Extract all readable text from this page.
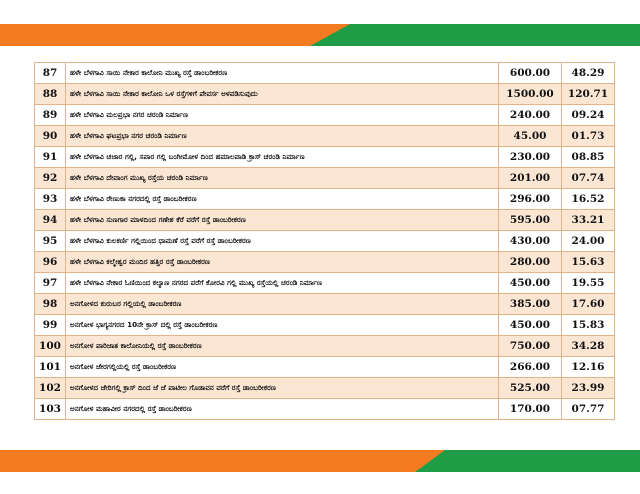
87	ಹಳೇ ಬೆಳಗಾವಿ ಸಾಯಿ ನೇಕಾರ ಕಾಲೋನಿ ಮುಖ್ಯ ರಸ್ತೆ ಡಾಂಬರೀಕರಣ	600.00	48.29
88	ಹಳೇ ಬೆಳಗಾವಿ ಸಾಯಿ ನೇಕಾರ ಕಾಲೋನಿ ಒಳ ರಸ್ತೆಗಳಿಗೆ ಪೇವರ್ಸ ಅಳವಡಿಸುವುದು	1500.00	120.71
89	ಹಳೇ ಬೆಳಗಾವಿ ಮಲಪ್ರಭಾ ನಗರ ಚರಂಡಿ ನಿರ್ಮಾಣ	240.00	09.24
90	ಹಳೇ ಬೆಳಗಾವಿ ಘಟಪ್ರಭಾ ನಗರ ಚರಂಡಿ ನಿರ್ಮಾಣ	45.00	01.73
91	ಹಳೇ ಬೆಳಗಾವಿ ಚಜಾರ ಗಲ್ಲಿ, ಸಪಾರ ಗಲ್ಲಿ ಬಂಗೀಮೋಳ ದಿಂದ ಹಮಾಲವಾಡಿ ಕ್ರಾಸ್ ಚರಂಡಿ ನಿರ್ಮಾಣ	230.00	08.85
92	ಹಳೇ ಬೆಳಗಾವಿ ದೇವಾಂಗ ಮುಖ್ಯ ರಸ್ತೆಯ ಚರಂಡಿ ನಿರ್ಮಾಣ	201.00	07.74
93	ಹಳೇ ಬೆಳಗಾವಿ ರೇಣುಕಾ ನಗರದಲ್ಲಿ ರಸ್ತೆ ಡಾಂಬರೀಕರಣ	296.00	16.52
94	ಹಳೇ ಬೆಳಗಾವಿ ಸುಣಗಾರ ಮಾಳದಿಂದ ಗಣೇಶ ಕೆರೆ ವರೆಗೆ ರಸ್ತೆ ಡಾಂಬರೀಕರಣ	595.00	33.21
95	ಹಳೇ ಬೆಳಗಾವಿ ಕುಲಕರ್ಣಿ ಗಲ್ಲಿಯಿಂದ ಧಾಮಣೆ ರಸ್ತೆ ವರೆಗೆ ರಸ್ತೆ ಡಾಂಬರೀಕರಣ	430.00	24.00
96	ಹಳೇ ಬೆಳಗಾವಿ ಕಲ್ಮೇಶ್ವರ ಮಂದಿರ ಹತ್ತಿರ ರಸ್ತೆ ಡಾಂಬರೀಕರಣ	280.00	15.63
97	ಹಳೇ ಬೆಳಗಾವಿ ನೇಕಾರ ಓಣಿಯಿಂದ ಕಲ್ಯಾಣ ನಗರದ ವರೆಗೆ ಕೋರವಿ ಗಲ್ಲಿ ಮುಖ್ಯ ರಸ್ತೆಯಲ್ಲಿ ಚರಂಡಿ ನಿರ್ಮಾಣ	450.00	19.55
98	ಅನಗೋಳದ ಕುರುಬರ ಗಲ್ಲಿಯಲ್ಲಿ ಡಾಂಬರೀಕರಣ	385.00	17.60
99	ಅನಗೋಳ ಭಾಗ್ಯನಗರದ 10ನೇ ಕ್ರಾಸ್ ದಲ್ಲಿ ರಸ್ತೆ ಡಾಂಬರೀಕರಣ	450.00	15.83
100	ಅನಗೋಳ ಪಾರಿಜಾತ ಕಾಲೋನಿಯಲ್ಲಿ ರಸ್ತೆ ಡಾಂಬರೀಕರಣ	750.00	34.28
101	ಅನಗೋಳ ಜೇರಗಲ್ಲಿಯಲ್ಲಿ ರಸ್ತೆ ಡಾಂಬರೀಕರಣ	266.00	12.16
102	ಅನಗೋಳದ ಜೇರಿಗಲ್ಲಿ ಕ್ರಾಸ್ ದಿಂದ ಜೆ ಜೆ ಪಾಟೀಲ ಗೊಡಾವನ ವರೆಗೆ ರಸ್ತೆ ಡಾಂಬರೀಕರಣ	525.00	23.99
103	ಅನಗೋಳ ಮಹಾವೀರ ನಗರದಲ್ಲಿ ರಸ್ತೆ ಡಾಂಬರೀಕರಣ	170.00	07.77
